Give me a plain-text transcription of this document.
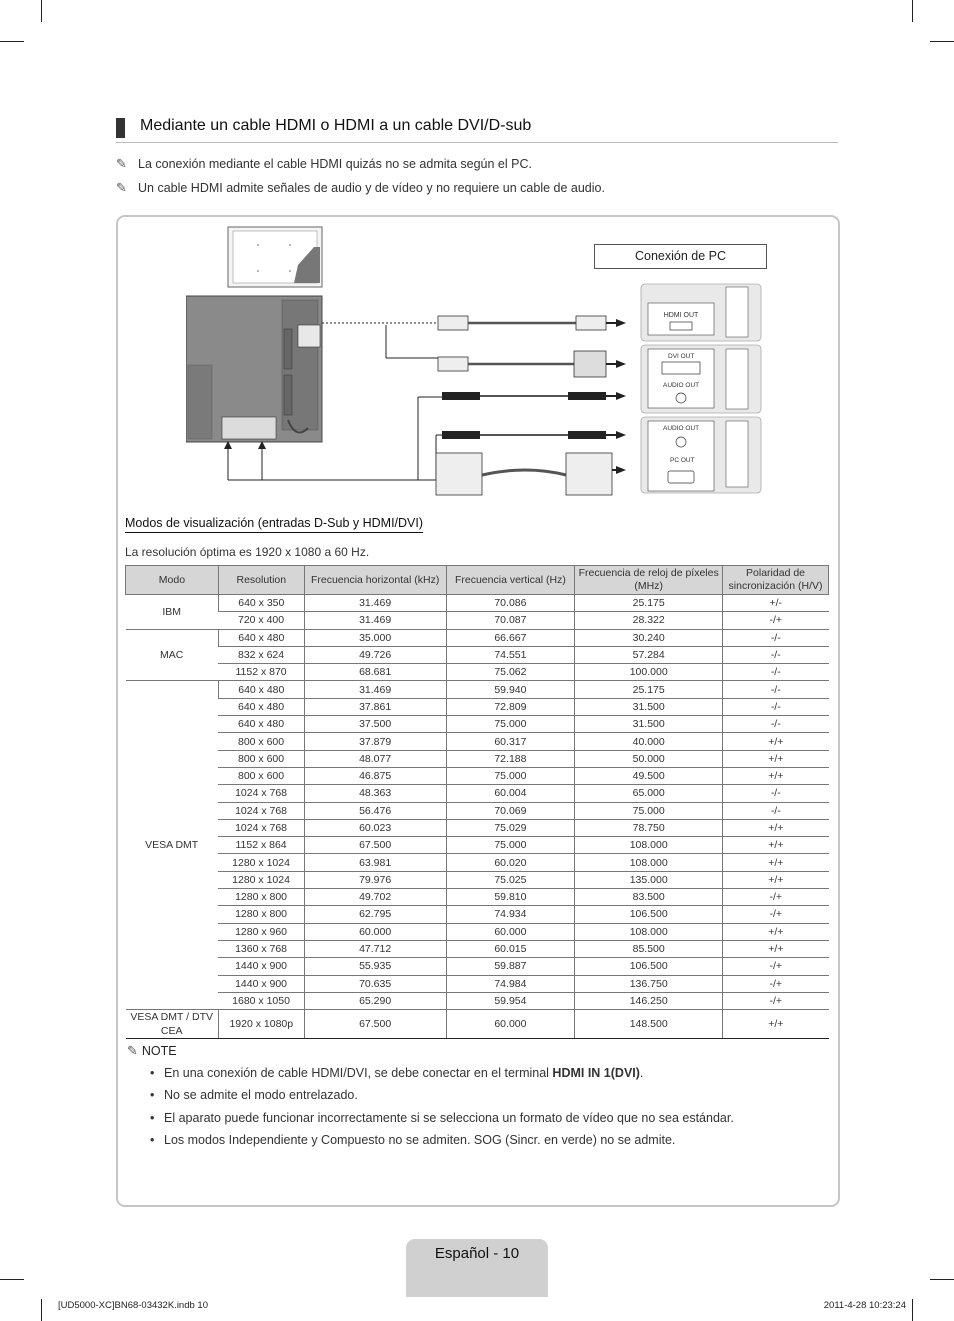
Mediante un cable HDMI o HDMI a un cable DVI/D-sub
✎ La conexión mediante el cable HDMI quizás no se admita según el PC.
✎ Un cable HDMI admite señales de audio y de vídeo y no requiere un cable de audio.
HDMI OUT
DVI OUT
AUDIO OUT
AUDIO OUT
PC OUT
Conexión de PC
Modos de visualización (entradas D-Sub y HDMI/DVI)
La resolución óptima es 1920 x 1080 a 60 Hz.
Modo	Resolution	Frecuencia horizontal (kHz)	Frecuencia vertical (Hz)	Frecuencia de reloj de píxeles (MHz)	Polaridad de sincronización (H/V)
IBM	640 x 350	31.469	70.086	25.175	+/-
	720 x 400	31.469	70.087	28.322	-/+
MAC	640 x 480	35.000	66.667	30.240	-/-
	832 x 624	49.726	74.551	57.284	-/-
	1152 x 870	68.681	75.062	100.000	-/-
VESA DMT	640 x 480	31.469	59.940	25.175	-/-
	640 x 480	37.861	72.809	31.500	-/-
	640 x 480	37.500	75.000	31.500	-/-
	800 x 600	37.879	60.317	40.000	+/+
	800 x 600	48.077	72.188	50.000	+/+
	800 x 600	46.875	75.000	49.500	+/+
	1024 x 768	48.363	60.004	65.000	-/-
	1024 x 768	56.476	70.069	75.000	-/-
	1024 x 768	60.023	75.029	78.750	+/+
	1152 x 864	67.500	75.000	108.000	+/+
	1280 x 1024	63.981	60.020	108.000	+/+
	1280 x 1024	79.976	75.025	135.000	+/+
	1280 x 800	49.702	59.810	83.500	-/+
	1280 x 800	62.795	74.934	106.500	-/+
	1280 x 960	60.000	60.000	108.000	+/+
	1360 x 768	47.712	60.015	85.500	+/+
	1440 x 900	55.935	59.887	106.500	-/+
	1440 x 900	70.635	74.984	136.750	-/+
	1680 x 1050	65.290	59.954	146.250	-/+
VESA DMT / DTV CEA	1920 x 1080p	67.500	60.000	148.500	+/+
✎ NOTE
• En una conexión de cable HDMI/DVI, se debe conectar en el terminal HDMI IN 1(DVI).
• No se admite el modo entrelazado.
• El aparato puede funcionar incorrectamente si se selecciona un formato de vídeo que no sea estándar.
• Los modos Independiente y Compuesto no se admiten. SOG (Sincr. en verde) no se admite.
Español - 10
[UD5000-XC]BN68-03432K.indb 10	2011-4-28 10:23:24
